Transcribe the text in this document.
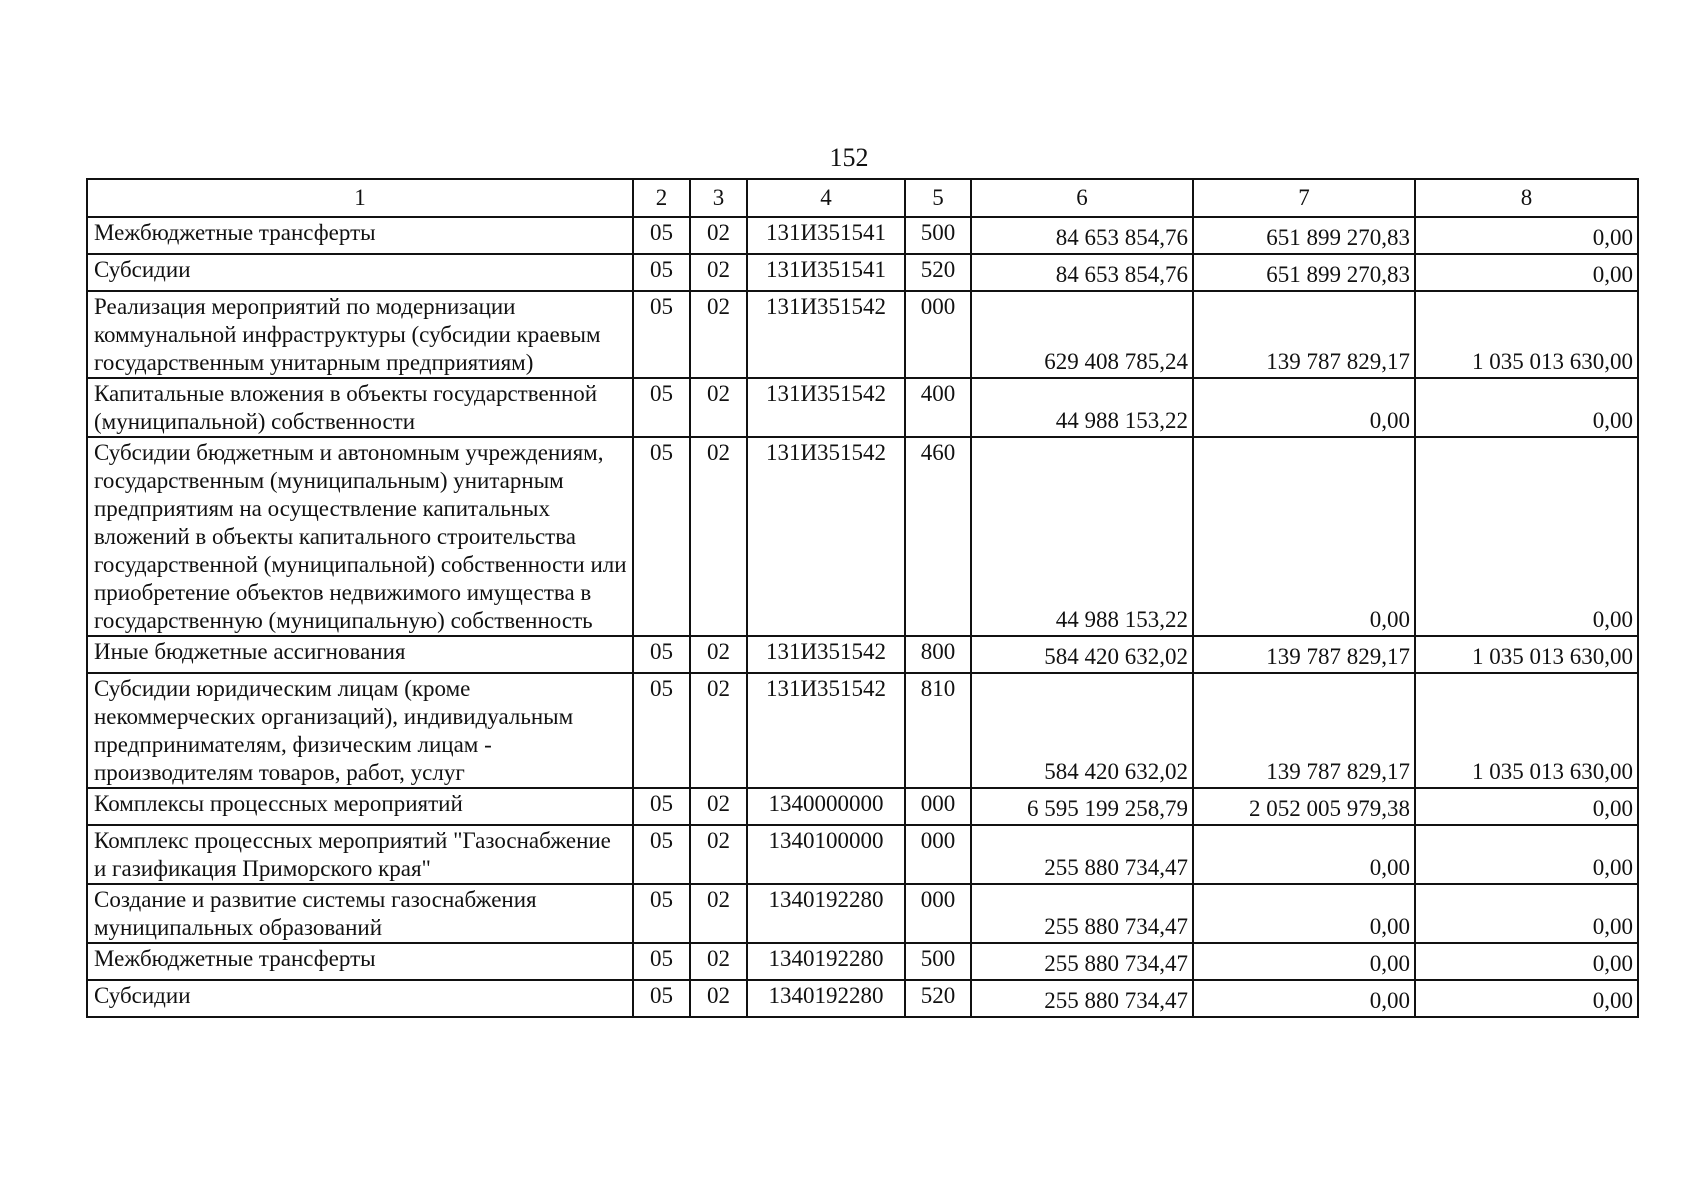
152
1	2	3	4	5	6	7	8
Межбюджетные трансферты	05	02	131И351541	500	84 653 854,76	651 899 270,83	0,00
Субсидии	05	02	131И351541	520	84 653 854,76	651 899 270,83	0,00
Реализация мероприятий по модернизации коммунальной инфраструктуры (субсидии краевым государственным унитарным предприятиям)	05	02	131И351542	000	629 408 785,24	139 787 829,17	1 035 013 630,00
Капитальные вложения в объекты государственной (муниципальной) собственности	05	02	131И351542	400	44 988 153,22	0,00	0,00
Субсидии бюджетным и автономным учреждениям, государственным (муниципальным) унитарным предприятиям на осуществление капитальных вложений в объекты капитального строительства государственной (муниципальной) собственности или приобретение объектов недвижимого имущества в государственную (муниципальную) собственность	05	02	131И351542	460	44 988 153,22	0,00	0,00
Иные бюджетные ассигнования	05	02	131И351542	800	584 420 632,02	139 787 829,17	1 035 013 630,00
Субсидии юридическим лицам (кроме некоммерческих организаций), индивидуальным предпринимателям, физическим лицам - производителям товаров, работ, услуг	05	02	131И351542	810	584 420 632,02	139 787 829,17	1 035 013 630,00
Комплексы процессных мероприятий	05	02	1340000000	000	6 595 199 258,79	2 052 005 979,38	0,00
Комплекс процессных мероприятий "Газоснабжение и газификация Приморского края"	05	02	1340100000	000	255 880 734,47	0,00	0,00
Создание и развитие системы газоснабжения муниципальных образований	05	02	1340192280	000	255 880 734,47	0,00	0,00
Межбюджетные трансферты	05	02	1340192280	500	255 880 734,47	0,00	0,00
Субсидии	05	02	1340192280	520	255 880 734,47	0,00	0,00
